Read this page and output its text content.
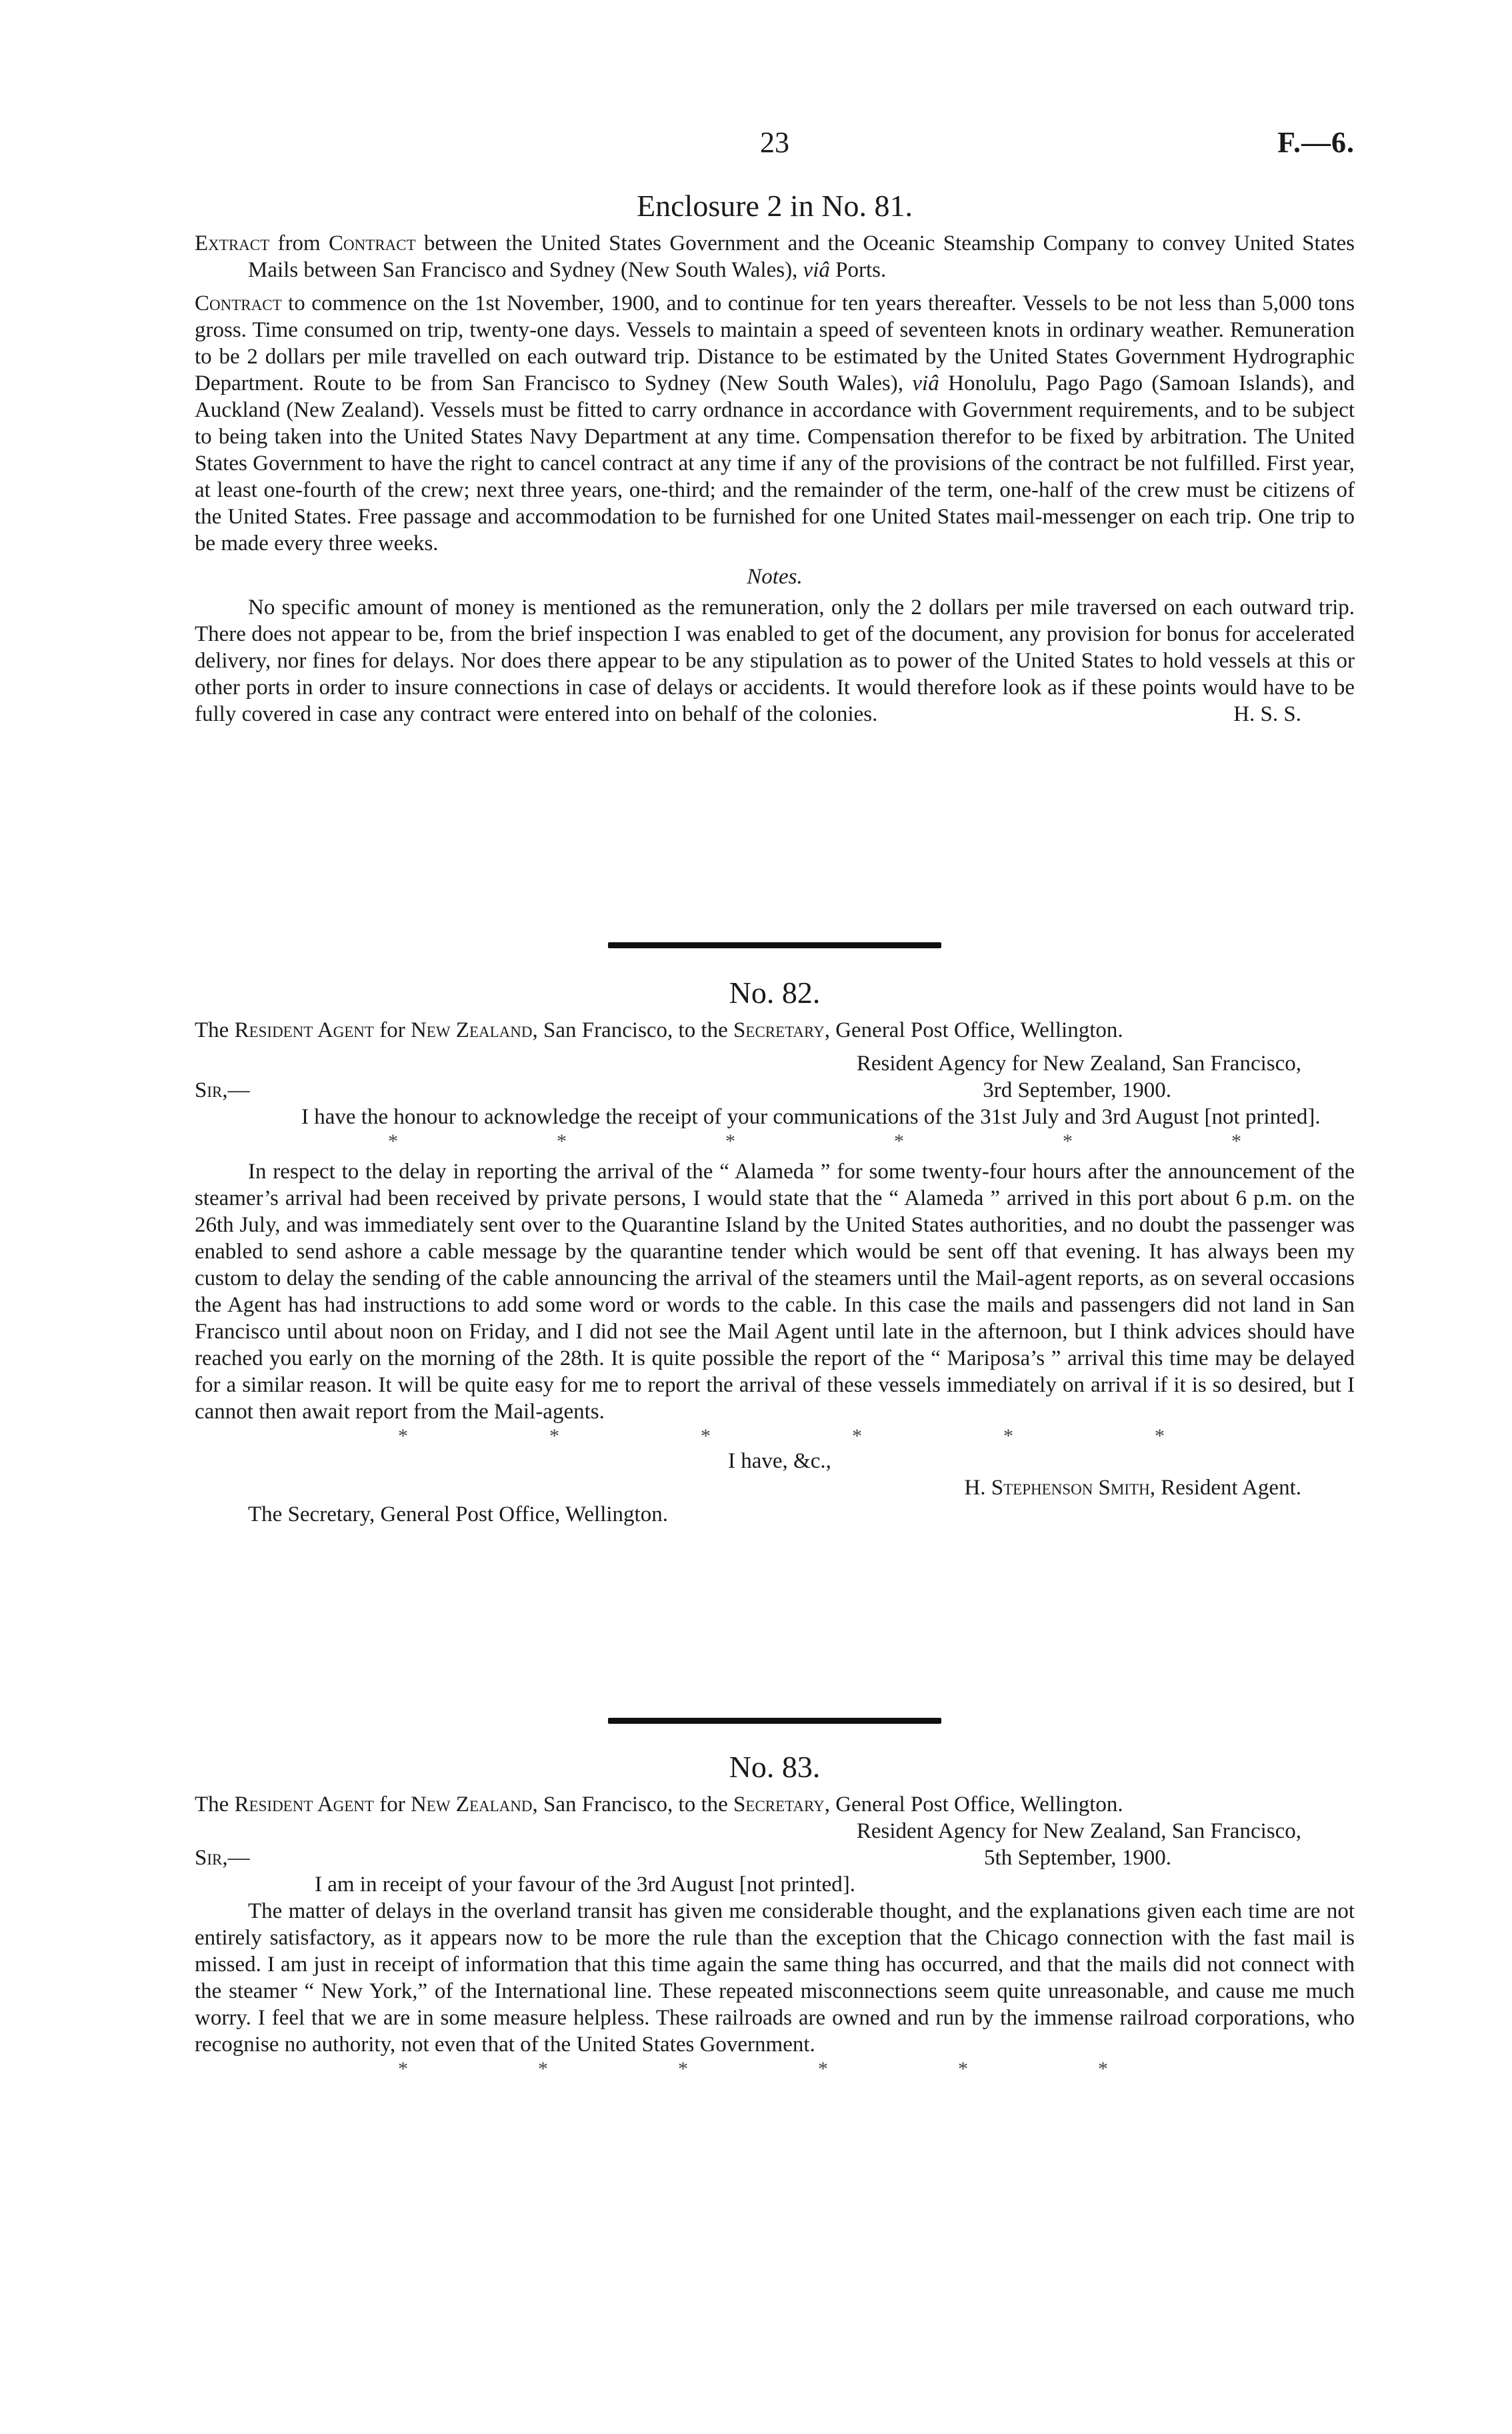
23	F.—6.
Enclosure 2 in No. 81.

Extract from Contract between the United States Government and the Oceanic Steamship Company to convey United States Mails between San Francisco and Sydney (New South Wales), viâ Ports.

Contract to commence on the 1st November, 1900, and to continue for ten years thereafter. Vessels to be not less than 5,000 tons gross. Time consumed on trip, twenty-one days. Vessels to maintain a speed of seventeen knots in ordinary weather. Remuneration to be 2 dollars per mile travelled on each outward trip. Distance to be estimated by the United States Government Hydrographic Department. Route to be from San Francisco to Sydney (New South Wales), viâ Honolulu, Pago Pago (Samoan Islands), and Auckland (New Zealand). Vessels must be fitted to carry ordnance in accordance with Government requirements, and to be subject to being taken into the United States Navy Department at any time. Compensation therefor to be fixed by arbitration. The United States Government to have the right to cancel contract at any time if any of the provisions of the contract be not fulfilled. First year, at least one-fourth of the crew; next three years, one-third; and the remainder of the term, one-half of the crew must be citizens of the United States. Free passage and accommodation to be furnished for one United States mail-messenger on each trip. One trip to be made every three weeks.

Notes.

No specific amount of money is mentioned as the remuneration, only the 2 dollars per mile traversed on each outward trip. There does not appear to be, from the brief inspection I was enabled to get of the document, any provision for bonus for accelerated delivery, nor fines for delays. Nor does there appear to be any stipulation as to power of the United States to hold vessels at this or other ports in order to insure connections in case of delays or accidents. It would therefore look as if these points would have to be fully covered in case any contract were entered into on behalf of the colonies.	H. S. S.
No. 82.

The Resident Agent for New Zealand, San Francisco, to the Secretary, General Post Office, Wellington.

Resident Agency for New Zealand, San Francisco,
Sir,—	3rd September, 1900.

I have the honour to acknowledge the receipt of your communications of the 31st July and 3rd August [not printed].

*	*	*	*	*	*

In respect to the delay in reporting the arrival of the “ Alameda ” for some twenty-four hours after the announcement of the steamer’s arrival had been received by private persons, I would state that the “ Alameda ” arrived in this port about 6 p.m. on the 26th July, and was immediately sent over to the Quarantine Island by the United States authorities, and no doubt the passenger was enabled to send ashore a cable message by the quarantine tender which would be sent off that evening. It has always been my custom to delay the sending of the cable announcing the arrival of the steamers until the Mail-agent reports, as on several occasions the Agent has had instructions to add some word or words to the cable. In this case the mails and passengers did not land in San Francisco until about noon on Friday, and I did not see the Mail Agent until late in the afternoon, but I think advices should have reached you early on the morning of the 28th. It is quite possible the report of the “ Mariposa’s ” arrival this time may be delayed for a similar reason. It will be quite easy for me to report the arrival of these vessels immediately on arrival if it is so desired, but I cannot then await report from the Mail-agents.

*	*	*	*	*	*
I have, &c.,
H. Stephenson Smith, Resident Agent.

The Secretary, General Post Office, Wellington.

No. 83.

The Resident Agent for New Zealand, San Francisco, to the Secretary, General Post Office, Wellington.

Resident Agency for New Zealand, San Francisco,
Sir,—	5th September, 1900.

I am in receipt of your favour of the 3rd August [not printed].

The matter of delays in the overland transit has given me considerable thought, and the explanations given each time are not entirely satisfactory, as it appears now to be more the rule than the exception that the Chicago connection with the fast mail is missed. I am just in receipt of information that this time again the same thing has occurred, and that the mails did not connect with the steamer “ New York,” of the International line. These repeated misconnections seem quite unreasonable, and cause me much worry. I feel that we are in some measure helpless. These railroads are owned and run by the immense railroad corporations, who recognise no authority, not even that of the United States Government.

*	*	*	*	*	*
